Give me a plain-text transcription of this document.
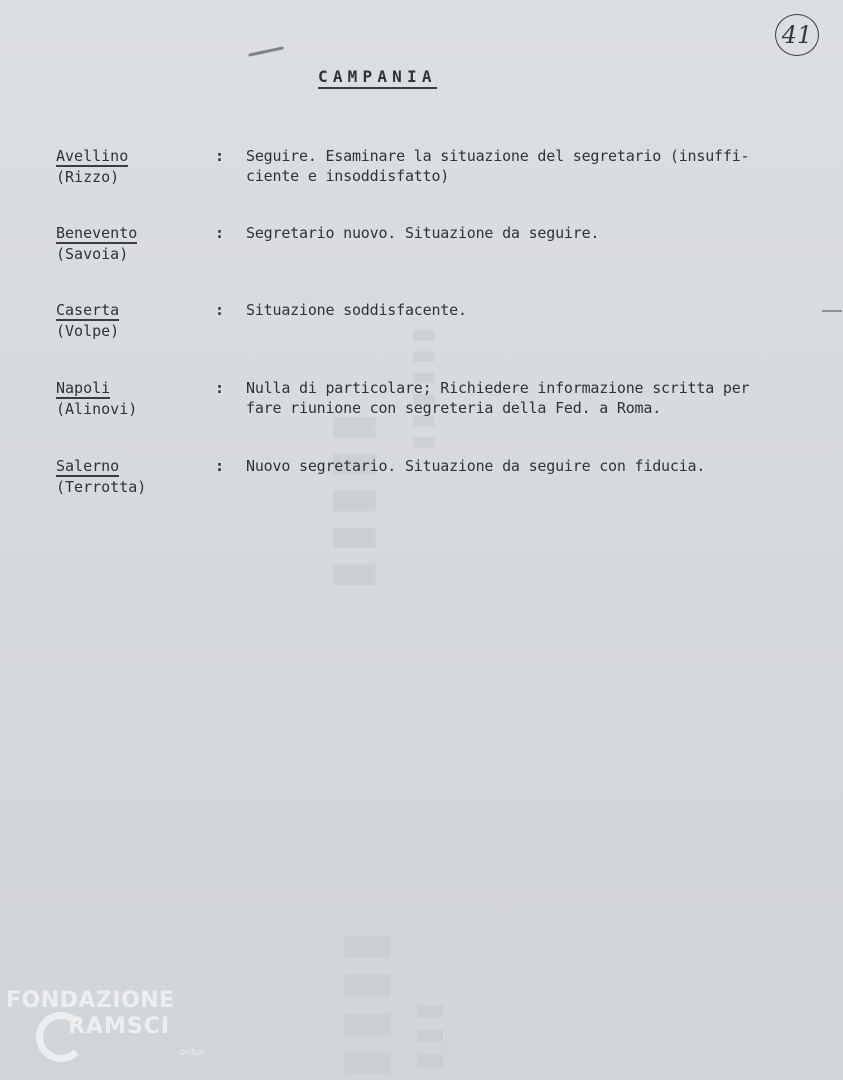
▮▮▮▮▮
▮▮▮▮▮▮
▮▮▮▮ ▮▮▮
41
CAMPANIA
Avellino
(Rizzo)
: Seguire. Esaminare la situazione del segretario (insuffi-
ciente e insoddisfatto)
Benevento
(Savoia)
: Segretario nuovo. Situazione da seguire.
Caserta
(Volpe)
: Situazione soddisfacente.
Napoli
(Alinovi)
: Nulla di particolare; Richiedere informazione scritta per
fare riunione con segreteria della Fed. a Roma.
Salerno
(Terrotta)
: Nuovo segretario. Situazione da seguire con fiducia.
FONDAZIONE
RAMSCI
onlus
